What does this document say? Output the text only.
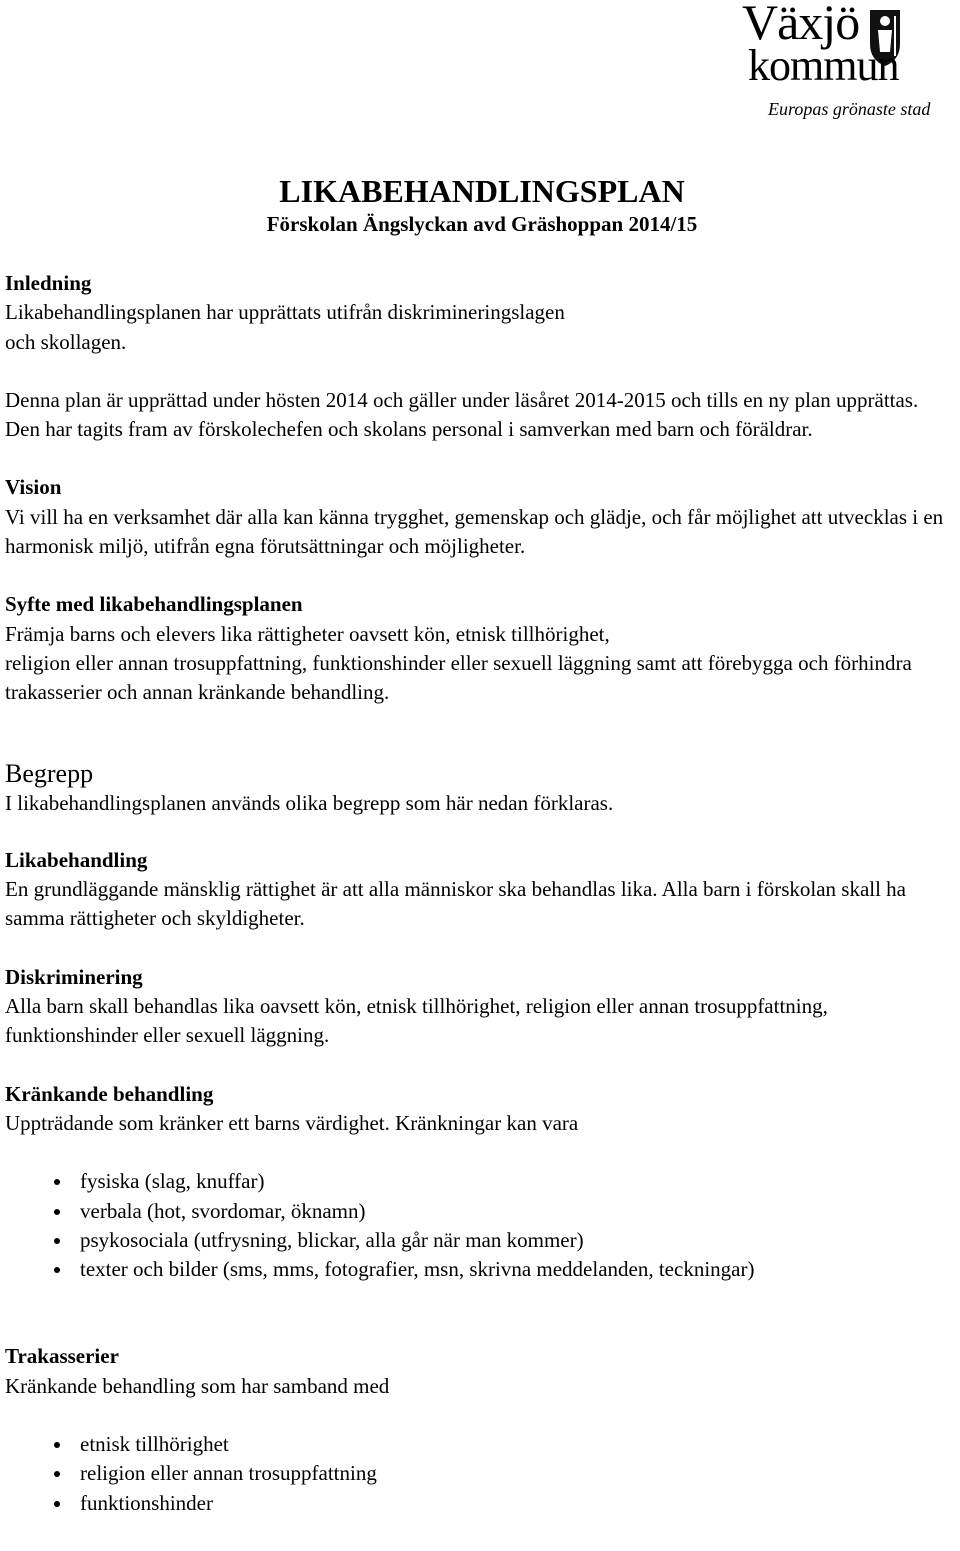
Växjö
kommun
Europas grönaste stad
LIKABEHANDLINGSPLAN
Förskolan Ängslyckan avd Gräshoppan 2014/15
Inledning

Likabehandlingsplanen har upprättats utifrån diskrimineringslagen

och skollagen.

Denna plan är upprättad under hösten 2014 och gäller under läsåret 2014-2015 och tills en ny plan upprättas. Den har tagits fram av förskolechefen och skolans personal i samverkan med barn och föräldrar.

Vision

Vi vill ha en verksamhet där alla kan känna trygghet, gemenskap och glädje, och får möjlighet att utvecklas i en harmonisk miljö, utifrån egna förutsättningar och möjligheter.

Syfte med likabehandlingsplanen

Främja barns och elevers lika rättigheter oavsett kön, etnisk tillhörighet,

religion eller annan trosuppfattning, funktionshinder eller sexuell läggning samt att förebygga och förhindra trakasserier och annan kränkande behandling.

Begrepp

I likabehandlingsplanen används olika begrepp som här nedan förklaras.

Likabehandling

En grundläggande mänsklig rättighet är att alla människor ska behandlas lika. Alla barn i förskolan skall ha samma rättigheter och skyldigheter.

Diskriminering

Alla barn skall behandlas lika oavsett kön, etnisk tillhörighet, religion eller annan trosuppfattning, funktionshinder eller sexuell läggning.

Kränkande behandling

Uppträdande som kränker ett barns värdighet. Kränkningar kan vara

fysiska (slag, knuffar)
verbala (hot, svordomar, öknamn)
psykosociala (utfrysning, blickar, alla går när man kommer)
texter och bilder (sms, mms, fotografier, msn, skrivna meddelanden, teckningar)
Trakasserier

Kränkande behandling som har samband med

etnisk tillhörighet
religion eller annan trosuppfattning
funktionshinder
